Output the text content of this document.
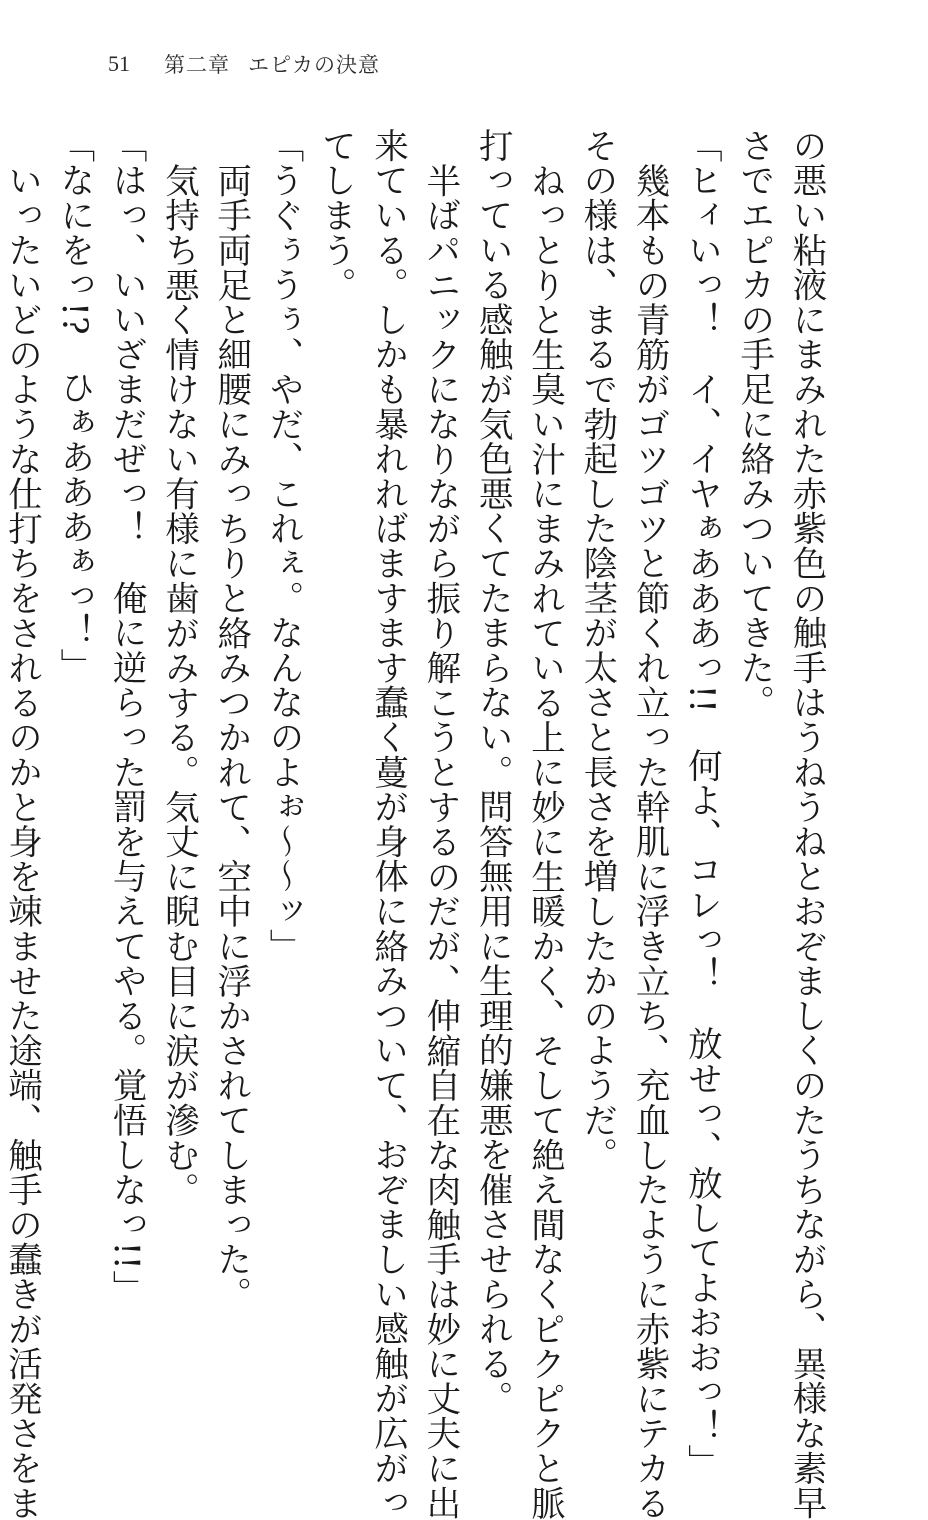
51 第二章 エピカの決意

の悪い粘液にまみれた赤紫色の触手はうねうねとおぞましくのたうちながら、異様な素早

さでエピカの手足に絡みついてきた。

「ヒィいっ！　イ、イヤぁあああっ!!　何よ、コレっ！　放せっ、放してよおおっ！」

幾本もの青筋がゴツゴツと節くれ立った幹肌に浮き立ち、充血したように赤紫にテカる

その様は、まるで勃起した陰茎が太さと長さを増したかのようだ。

ねっとりと生臭い汁にまみれている上に妙に生暖かく、そして絶え間なくピクピクと脈

打っている感触が気色悪くてたまらない。問答無用に生理的嫌悪を催させられる。

半ばパニックになりながら振り解こうとするのだが、伸縮自在な肉触手は妙に丈夫に出

来ている。しかも暴れればますます蠢く蔓が身体に絡みついて、おぞましい感触が広がっ

てしまう。

「うぐぅうぅ、やだ、これぇ。なんなのよぉ～～ッ」

両手両足と細腰にみっちりと絡みつかれて、空中に浮かされてしまった。

気持ち悪く情けない有様に歯がみする。気丈に睨む目に涙が滲む。

「はっ、いいざまだぜっ！　俺に逆らった罰を与えてやる。覚悟しなっ!!」

「なにをっ!?　ひぁあああぁっ！」

いったいどのような仕打ちをされるのかと身を竦ませた途端、触手の蠢きが活発さをま
